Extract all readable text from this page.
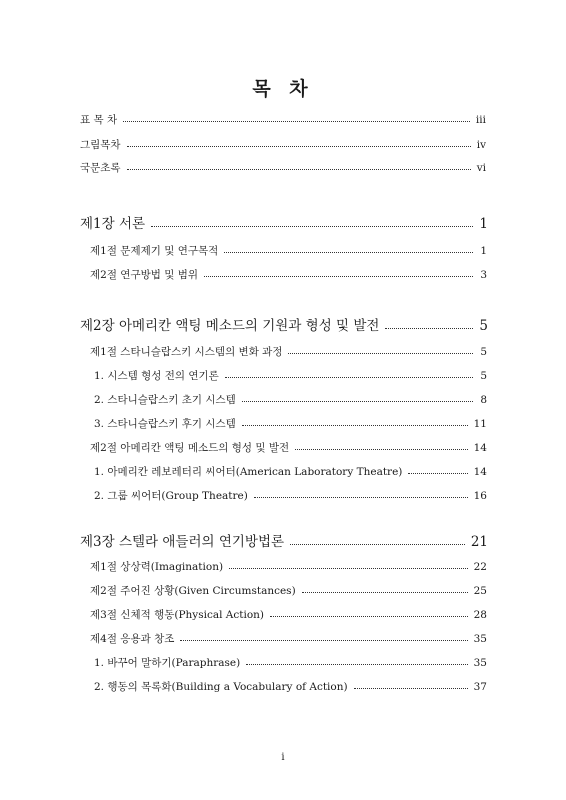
목 차
표 목 차	ⅲ
그림목차	ⅳ
국문초록	ⅵ
제1장 서론	1
제1절 문제제기 및 연구목적	1
제2절 연구방법 및 범위	3
제2장 아메리칸 액팅 메소드의 기원과 형성 및 발전	5
제1절 스타니슬랍스키 시스템의 변화 과정	5
1. 시스템 형성 전의 연기론	5
2. 스타니슬랍스키 초기 시스템	8
3. 스타니슬랍스키 후기 시스템	11
제2절 아메리칸 액팅 메소드의 형성 및 발전	14
1. 아메리칸 레보레터리 씨어터(American Laboratory Theatre)	14
2. 그룹 씨어터(Group Theatre)	16
제3장 스텔라 애들러의 연기방법론	21
제1절 상상력(Imagination)	22
제2절 주어진 상황(Given Circumstances)	25
제3절 신체적 행동(Physical Action)	28
제4절 응용과 창조	35
1. 바꾸어 말하기(Paraphrase)	35
2. 행동의 목록화(Building a Vocabulary of Action)	37
i
